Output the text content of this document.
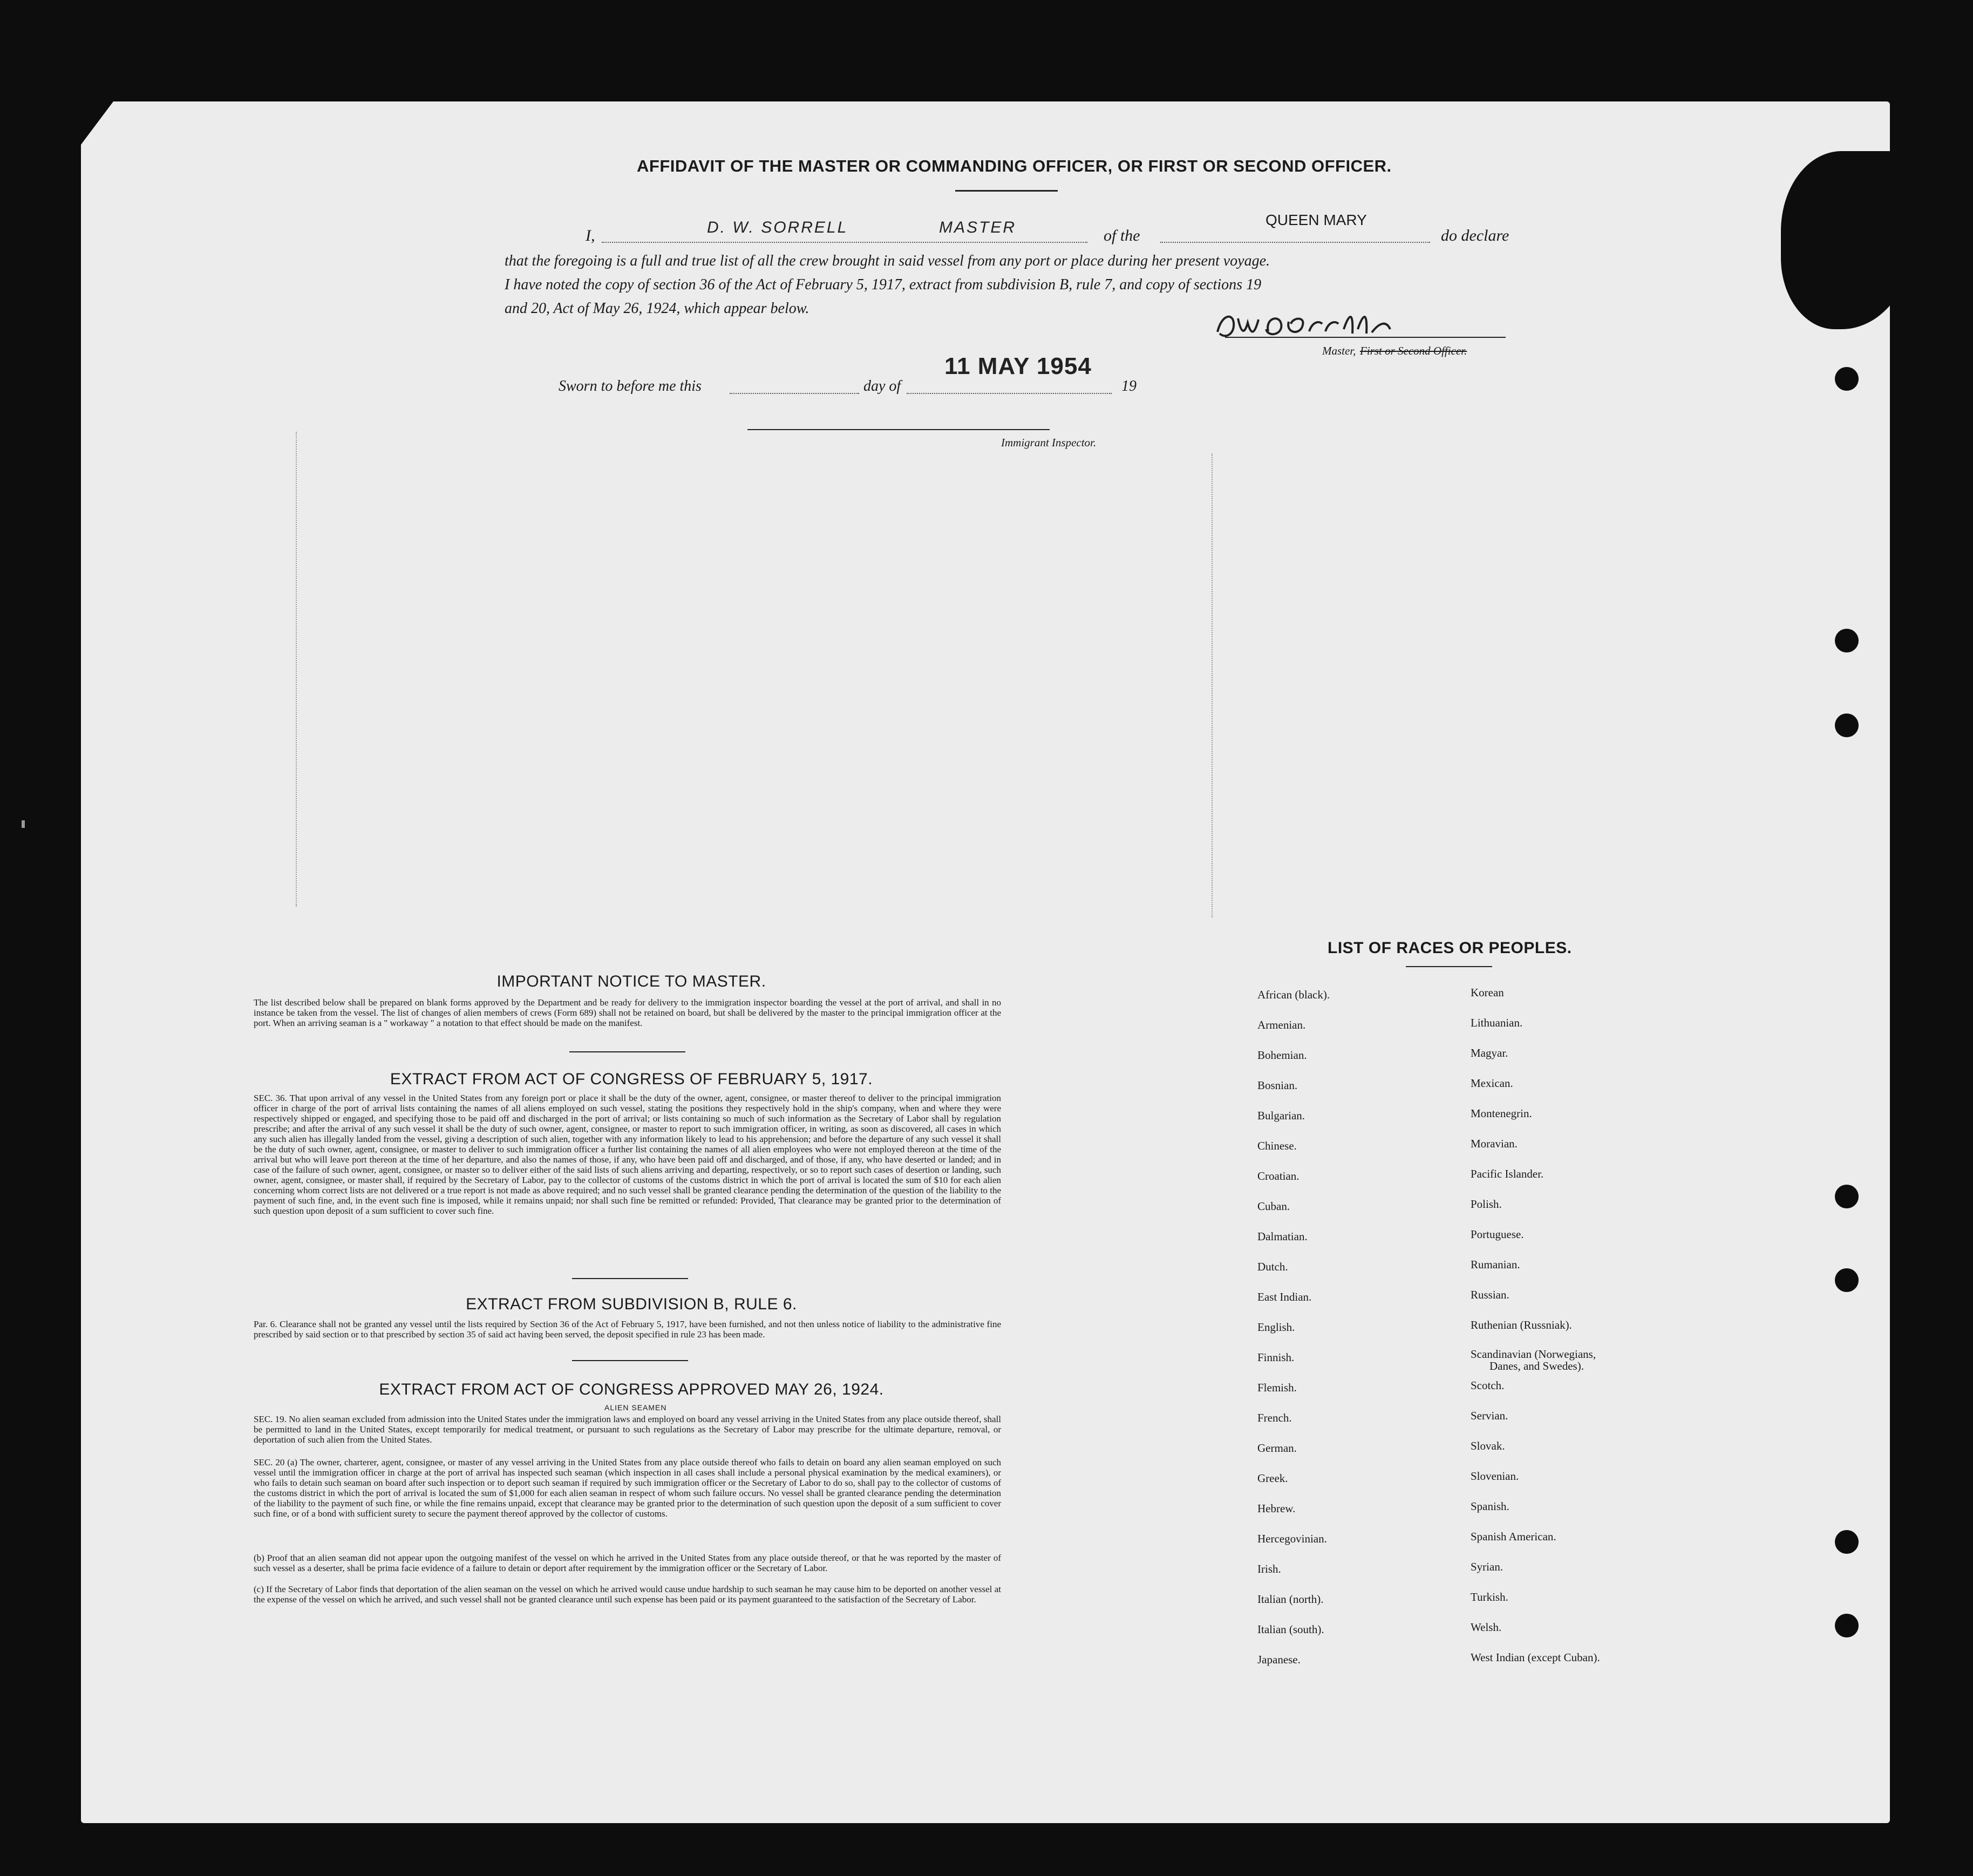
AFFIDAVIT OF THE MASTER OR COMMANDING OFFICER, OR FIRST OR SECOND OFFICER.
I,	D. W. SORRELL	MASTER	of the
QUEEN MARY
do declare
that the foregoing is a full and true list of all the crew brought in said vessel from any port or place during her present voyage.
I have noted the copy of section 36 of the Act of February 5, 1917, extract from subdivision B, rule 7, and copy of sections 19
and 20, Act of May 26, 1924, which appear below.
Master, First or Second Officer.
Sworn to before me this	day of
11 MAY 1954
19
Immigrant Inspector.
IMPORTANT NOTICE TO MASTER.
The list described below shall be prepared on blank forms approved by the Department and be ready for delivery to the immigration inspector boarding the vessel at the port of arrival, and shall in no instance be taken from the vessel. The list of changes of alien members of crews (Form 689) shall not be retained on board, but shall be delivered by the master to the principal immigration officer at the port. When an arriving seaman is a " workaway " a notation to that effect should be made on the manifest.
EXTRACT FROM ACT OF CONGRESS OF FEBRUARY 5, 1917.
SEC. 36. That upon arrival of any vessel in the United States from any foreign port or place it shall be the duty of the owner, agent, consignee, or master thereof to deliver to the principal immigration officer in charge of the port of arrival lists containing the names of all aliens employed on such vessel, stating the positions they respectively hold in the ship's company, when and where they were respectively shipped or engaged, and specifying those to be paid off and discharged in the port of arrival; or lists containing so much of such information as the Secretary of Labor shall by regulation prescribe; and after the arrival of any such vessel it shall be the duty of such owner, agent, consignee, or master to report to such immigration officer, in writing, as soon as discovered, all cases in which any such alien has illegally landed from the vessel, giving a description of such alien, together with any information likely to lead to his apprehension; and before the departure of any such vessel it shall be the duty of such owner, agent, consignee, or master to deliver to such immigration officer a further list containing the names of all alien employees who were not employed thereon at the time of the arrival but who will leave port thereon at the time of her departure, and also the names of those, if any, who have been paid off and discharged, and of those, if any, who have deserted or landed; and in case of the failure of such owner, agent, consignee, or master so to deliver either of the said lists of such aliens arriving and departing, respectively, or so to report such cases of desertion or landing, such owner, agent, consignee, or master shall, if required by the Secretary of Labor, pay to the collector of customs of the customs district in which the port of arrival is located the sum of $10 for each alien concerning whom correct lists are not delivered or a true report is not made as above required; and no such vessel shall be granted clearance pending the determination of the question of the liability to the payment of such fine, and, in the event such fine is imposed, while it remains unpaid; nor shall such fine be remitted or refunded: Provided, That clearance may be granted prior to the determination of such question upon deposit of a sum sufficient to cover such fine.
EXTRACT FROM SUBDIVISION B, RULE 6.
Par. 6. Clearance shall not be granted any vessel until the lists required by Section 36 of the Act of February 5, 1917, have been furnished, and not then unless notice of liability to the administrative fine prescribed by said section or to that prescribed by section 35 of said act having been served, the deposit specified in rule 23 has been made.
EXTRACT FROM ACT OF CONGRESS APPROVED MAY 26, 1924.
ALIEN SEAMEN
SEC. 19. No alien seaman excluded from admission into the United States under the immigration laws and employed on board any vessel arriving in the United States from any place outside thereof, shall be permitted to land in the United States, except temporarily for medical treatment, or pursuant to such regulations as the Secretary of Labor may prescribe for the ultimate departure, removal, or deportation of such alien from the United States.
SEC. 20 (a) The owner, charterer, agent, consignee, or master of any vessel arriving in the United States from any place outside thereof who fails to detain on board any alien seaman employed on such vessel until the immigration officer in charge at the port of arrival has inspected such seaman (which inspection in all cases shall include a personal physical examination by the medical examiners), or who fails to detain such seaman on board after such inspection or to deport such seaman if required by such immigration officer or the Secretary of Labor to do so, shall pay to the collector of customs of the customs district in which the port of arrival is located the sum of $1,000 for each alien seaman in respect of whom such failure occurs. No vessel shall be granted clearance pending the determination of the liability to the payment of such fine, or while the fine remains unpaid, except that clearance may be granted prior to the determination of such question upon the deposit of a sum sufficient to cover such fine, or of a bond with sufficient surety to secure the payment thereof approved by the collector of customs.
(b) Proof that an alien seaman did not appear upon the outgoing manifest of the vessel on which he arrived in the United States from any place outside thereof, or that he was reported by the master of such vessel as a deserter, shall be prima facie evidence of a failure to detain or deport after requirement by the immigration officer or the Secretary of Labor.
(c) If the Secretary of Labor finds that deportation of the alien seaman on the vessel on which he arrived would cause undue hardship to such seaman he may cause him to be deported on another vessel at the expense of the vessel on which he arrived, and such vessel shall not be granted clearance until such expense has been paid or its payment guaranteed to the satisfaction of the Secretary of Labor.
LIST OF RACES OR PEOPLES.
African (black).
Armenian.
Bohemian.
Bosnian.
Bulgarian.
Chinese.
Croatian.
Cuban.
Dalmatian.
Dutch.
East Indian.
English.
Finnish.
Flemish.
French.
German.
Greek.
Hebrew.
Hercegovinian.
Irish.
Italian (north).
Italian (south).
Japanese.
Korean
Lithuanian.
Magyar.
Mexican.
Montenegrin.
Moravian.
Pacific Islander.
Polish.
Portuguese.
Rumanian.
Russian.
Ruthenian (Russniak).
Scandinavian (Norwegians,
Danes, and Swedes).
Scotch.
Servian.
Slovak.
Slovenian.
Spanish.
Spanish American.
Syrian.
Turkish.
Welsh.
West Indian (except Cuban).
